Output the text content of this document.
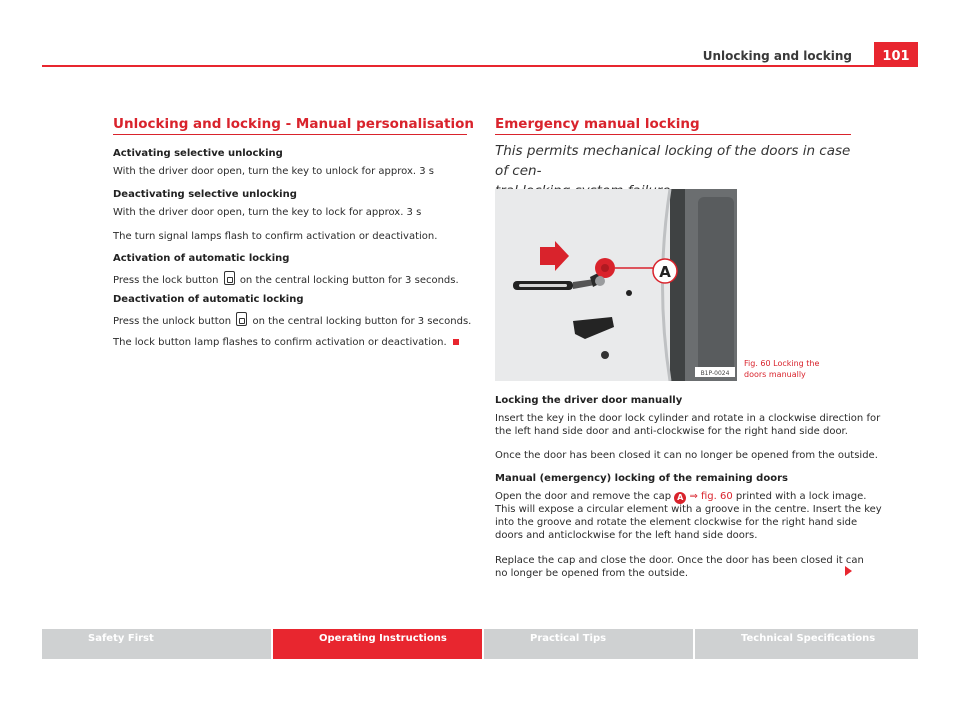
Unlocking and locking	101
Unlocking and locking - Manual personalisation
Activating selective unlocking
With the driver door open, turn the key to unlock for approx. 3 s
Deactivating selective unlocking
With the driver door open, turn the key to lock for approx. 3 s
The turn signal lamps flash to confirm activation or deactivation.
Activation of automatic locking
Press the lock button on the central locking button for 3 seconds.
Deactivation of automatic locking
Press the unlock button on the central locking button for 3 seconds.
The lock button lamp flashes to confirm activation or deactivation.
Emergency manual locking
This permits mechanical locking of the doors in case of cen-
A
B1P-0024
Fig. 60 Locking the
doors manually
Locking the driver door manually
Insert the key in the door lock cylinder and rotate in a clockwise direction for
the left hand side door and anti-clockwise for the right hand side door.
Once the door has been closed it can no longer be opened from the outside.
Manual (emergency) locking of the remaining doors
Open the door and remove the cap A ⇒ fig. 60 printed with a lock image.
This will expose a circular element with a groove in the centre. Insert the key
into the groove and rotate the element clockwise for the right hand side
doors and anticlockwise for the left hand side doors.
Replace the cap and close the door. Once the door has been closed it can
no longer be opened from the outside.
Safety First	Operating Instructions	Practical Tips	Technical Specifications
